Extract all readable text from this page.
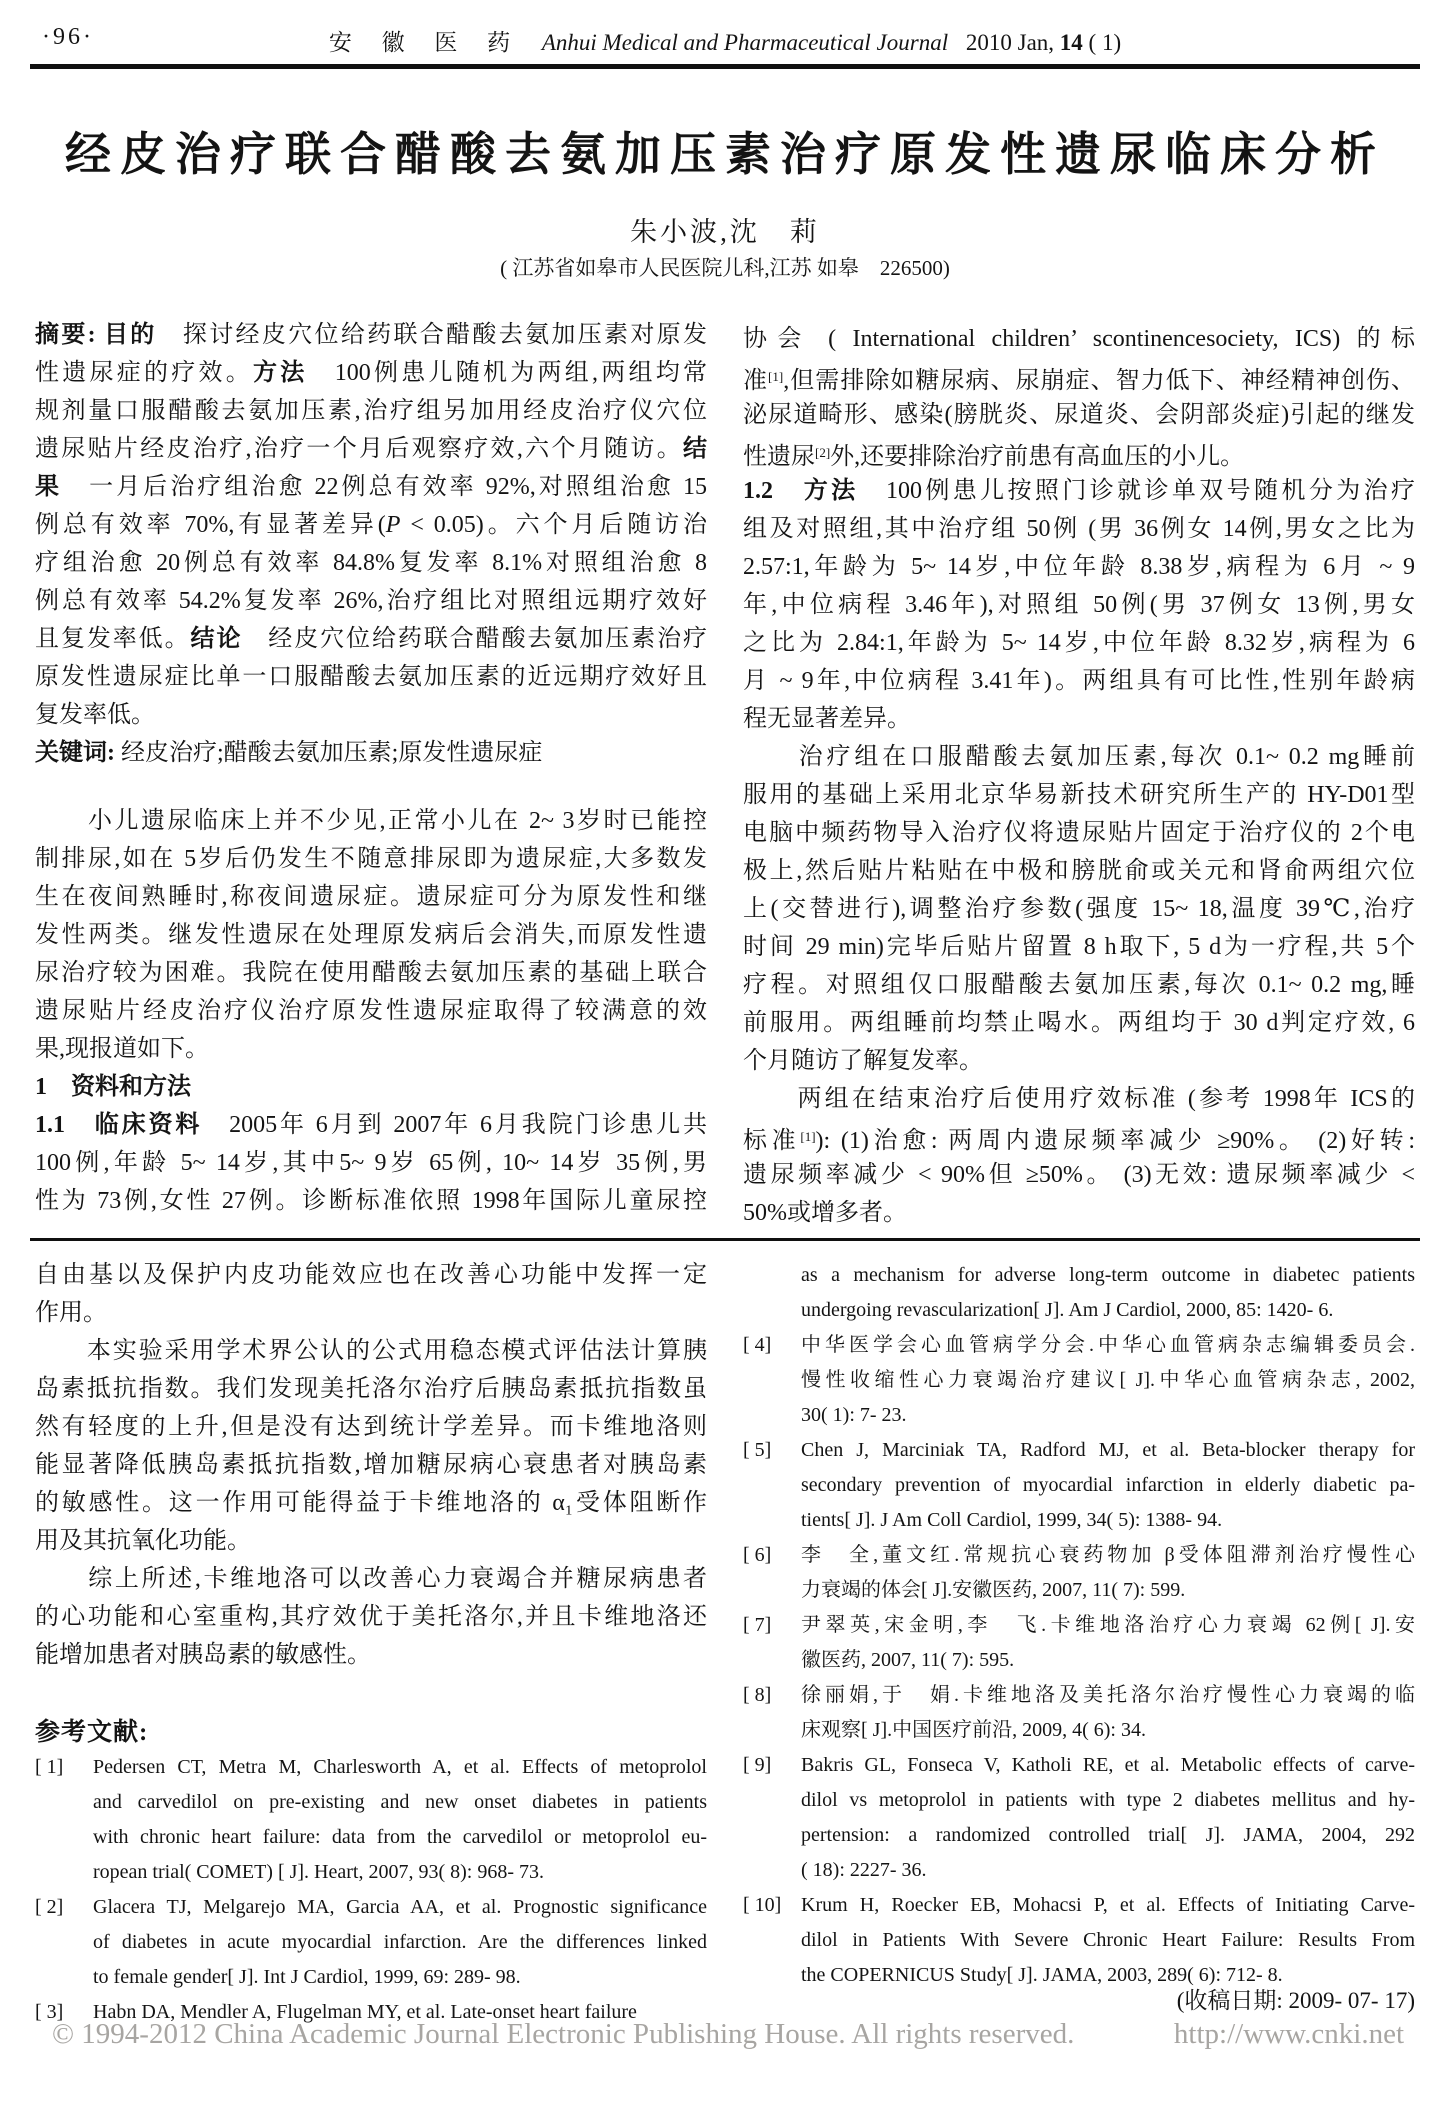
·96·	安 徽 医 药 Anhui Medical and Pharmaceutical Journal 2010 Jan, 14 ( 1)
经皮治疗联合醋酸去氨加压素治疗原发性遗尿临床分析
朱小波,沈　莉
( 江苏省如皋市人民医院儿科,江苏 如皋　226500)
摘要: 目的　探讨经皮穴位给药联合醋酸去氨加压素对原发
性遗尿症的疗效。方法　100例患儿随机为两组,两组均常
规剂量口服醋酸去氨加压素,治疗组另加用经皮治疗仪穴位
遗尿贴片经皮治疗,治疗一个月后观察疗效,六个月随访。结
果　一月后治疗组治愈 22例总有效率 92%,对照组治愈 15
例总有效率 70%,有显著差异(P < 0.05)。六个月后随访治
疗组治愈 20例总有效率 84.8%复发率 8.1%对照组治愈 8
例总有效率 54.2%复发率 26%,治疗组比对照组远期疗效好
且复发率低。结论　经皮穴位给药联合醋酸去氨加压素治疗
原发性遗尿症比单一口服醋酸去氨加压素的近远期疗效好且
复发率低。
关键词: 经皮治疗;醋酸去氨加压素;原发性遗尿症
　　小儿遗尿临床上并不少见,正常小儿在 2~ 3岁时已能控
制排尿,如在 5岁后仍发生不随意排尿即为遗尿症,大多数发
生在夜间熟睡时,称夜间遗尿症。遗尿症可分为原发性和继
发性两类。继发性遗尿在处理原发病后会消失,而原发性遗
尿治疗较为困难。我院在使用醋酸去氨加压素的基础上联合
遗尿贴片经皮治疗仪治疗原发性遗尿症取得了较满意的效
果,现报道如下。
1　资料和方法
1.1　临床资料　2005年 6月到 2007年 6月我院门诊患儿共
100例,年龄 5~ 14岁,其中5~ 9岁 65例, 10~ 14岁 35例,男
性为 73例,女性 27例。诊断标准依照 1998年国际儿童尿控
协会 ( International children’ scontinencesociety, ICS) 的标
准[1],但需排除如糖尿病、尿崩症、智力低下、神经精神创伤、
泌尿道畸形、感染(膀胱炎、尿道炎、会阴部炎症)引起的继发
性遗尿[2]外,还要排除治疗前患有高血压的小儿。
1.2　方法　100例患儿按照门诊就诊单双号随机分为治疗
组及对照组,其中治疗组 50例 (男 36例女 14例,男女之比为
2.57:1,年龄为 5~ 14岁,中位年龄 8.38岁,病程为 6月 ~ 9
年,中位病程 3.46年),对照组 50例(男 37例女 13例,男女
之比为 2.84:1,年龄为 5~ 14岁,中位年龄 8.32岁,病程为 6
月 ~ 9年,中位病程 3.41年)。两组具有可比性,性别年龄病
程无显著差异。
　　治疗组在口服醋酸去氨加压素,每次 0.1~ 0.2 mg睡前
服用的基础上采用北京华易新技术研究所生产的 HY-D01型
电脑中频药物导入治疗仪将遗尿贴片固定于治疗仪的 2个电
极上,然后贴片粘贴在中极和膀胱俞或关元和肾俞两组穴位
上(交替进行),调整治疗参数(强度 15~ 18,温度 39℃,治疗
时间 29 min)完毕后贴片留置 8 h取下, 5 d为一疗程,共 5个
疗程。对照组仅口服醋酸去氨加压素,每次 0.1~ 0.2 mg,睡
前服用。两组睡前均禁止喝水。两组均于 30 d判定疗效, 6
个月随访了解复发率。
　　两组在结束治疗后使用疗效标准 (参考 1998年 ICS的
标准[1]): (1)治愈: 两周内遗尿频率减少 ≥90%。 (2)好转:
遗尿频率减少 < 90%但 ≥50%。 (3)无效: 遗尿频率减少 <
50%或增多者。
自由基以及保护内皮功能效应也在改善心功能中发挥一定
作用。
　　本实验采用学术界公认的公式用稳态模式评估法计算胰
岛素抵抗指数。我们发现美托洛尔治疗后胰岛素抵抗指数虽
然有轻度的上升,但是没有达到统计学差异。而卡维地洛则
能显著降低胰岛素抵抗指数,增加糖尿病心衰患者对胰岛素
的敏感性。这一作用可能得益于卡维地洛的 α₁受体阻断作
用及其抗氧化功能。
　　综上所述,卡维地洛可以改善心力衰竭合并糖尿病患者
的心功能和心室重构,其疗效优于美托洛尔,并且卡维地洛还
能增加患者对胰岛素的敏感性。
参考文献:
[ 1] Pedersen CT, Metra M, Charlesworth A, et al. Effects of metoprolol
and carvedilol on pre-existing and new onset diabetes in patients
with chronic heart failure: data from the carvedilol or metoprolol eu-
ropean trial( COMET) [ J]. Heart, 2007, 93( 8): 968- 73.
[ 2] Glacera TJ, Melgarejo MA, Garcia AA, et al. Prognostic significance
of diabetes in acute myocardial infarction. Are the differences linked
to female gender[ J]. Int J Cardiol, 1999, 69: 289- 98.
[ 3] Habn DA, Mendler A, Flugelman MY, et al. Late-onset heart failure
as a mechanism for adverse long-term outcome in diabetec patients
undergoing revascularization[ J]. Am J Cardiol, 2000, 85: 1420- 6.
[ 4] 中华医学会心血管病学分会.中华心血管病杂志编辑委员会.
慢性收缩性心力衰竭治疗建议[ J].中华心血管病杂志, 2002,
30( 1): 7- 23.
[ 5] Chen J, Marciniak TA, Radford MJ, et al. Beta-blocker therapy for
secondary prevention of myocardial infarction in elderly diabetic pa-
tients[ J]. J Am Coll Cardiol, 1999, 34( 5): 1388- 94.
[ 6] 李　全,董文红.常规抗心衰药物加 β受体阻滞剂治疗慢性心
力衰竭的体会[ J].安徽医药, 2007, 11( 7): 599.
[ 7] 尹翠英,宋金明,李　飞.卡维地洛治疗心力衰竭 62例[ J].安
徽医药, 2007, 11( 7): 595.
[ 8] 徐丽娟,于　娟.卡维地洛及美托洛尔治疗慢性心力衰竭的临
床观察[ J].中国医疗前沿, 2009, 4( 6): 34.
[ 9] Bakris GL, Fonseca V, Katholi RE, et al. Metabolic effects of carve-
dilol vs metoprolol in patients with type 2 diabetes mellitus and hy-
pertension: a randomized controlled trial[ J]. JAMA, 2004, 292
( 18): 2227- 36.
[ 10] Krum H, Roecker EB, Mohacsi P, et al. Effects of Initiating Carve-
dilol in Patients With Severe Chronic Heart Failure: Results From
the COPERNICUS Study[ J]. JAMA, 2003, 289( 6): 712- 8.
(收稿日期: 2009- 07- 17)
© 1994-2012 China Academic Journal Electronic Publishing House. All rights reserved.	http://www.cnki.net
